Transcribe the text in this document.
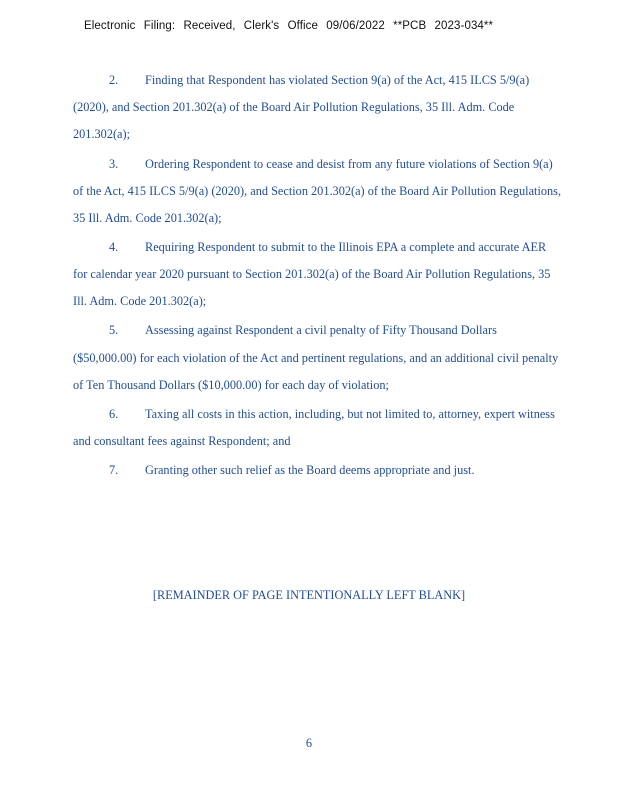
Electronic Filing: Received, Clerk's Office 09/06/2022 **PCB 2023-034**
2. Finding that Respondent has violated Section 9(a) of the Act, 415 ILCS 5/9(a)
(2020), and Section 201.302(a) of the Board Air Pollution Regulations, 35 Ill. Adm. Code
201.302(a);
3. Ordering Respondent to cease and desist from any future violations of Section 9(a)
of the Act, 415 ILCS 5/9(a) (2020), and Section 201.302(a) of the Board Air Pollution Regulations,
35 Ill. Adm. Code 201.302(a);
4. Requiring Respondent to submit to the Illinois EPA a complete and accurate AER
for calendar year 2020 pursuant to Section 201.302(a) of the Board Air Pollution Regulations, 35
Ill. Adm. Code 201.302(a);
5. Assessing against Respondent a civil penalty of Fifty Thousand Dollars
($50,000.00) for each violation of the Act and pertinent regulations, and an additional civil penalty
of Ten Thousand Dollars ($10,000.00) for each day of violation;
6. Taxing all costs in this action, including, but not limited to, attorney, expert witness
and consultant fees against Respondent; and
7. Granting other such relief as the Board deems appropriate and just.
[REMAINDER OF PAGE INTENTIONALLY LEFT BLANK]
6
